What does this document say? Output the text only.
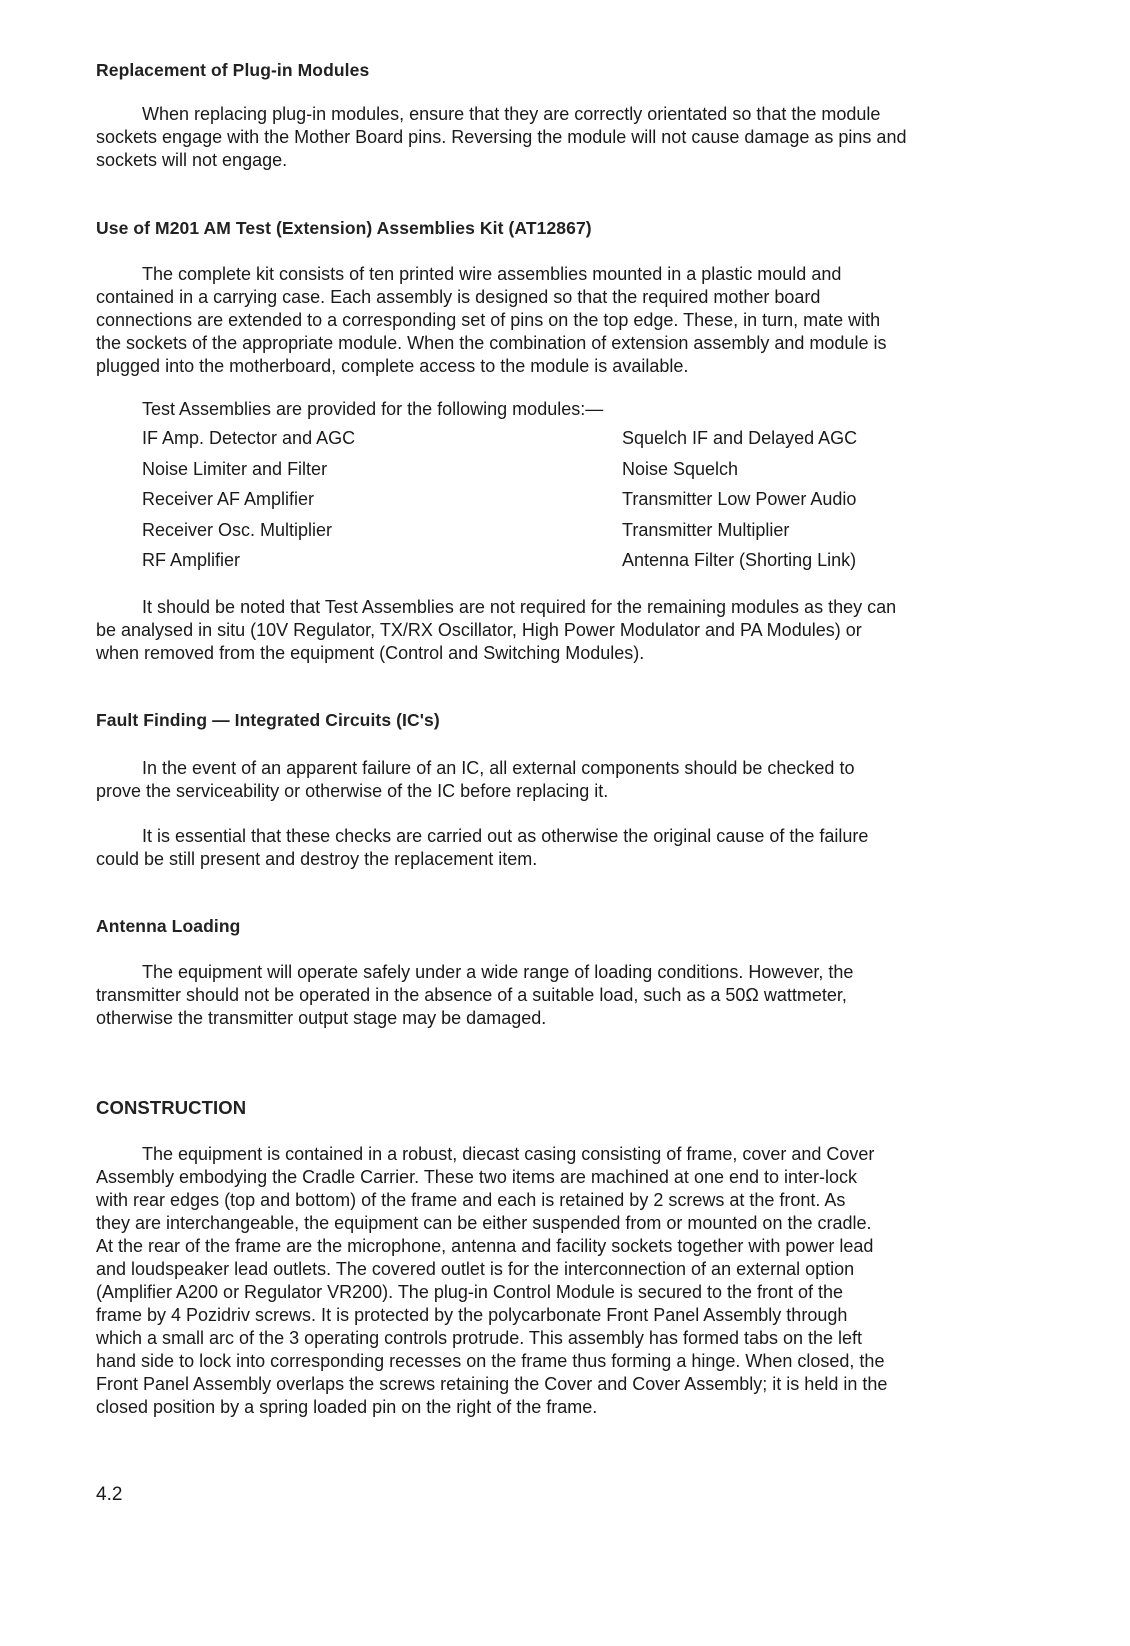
Replacement of Plug-in Modules
When replacing plug-in modules, ensure that they are correctly orientated so that the module
sockets engage with the Mother Board pins. Reversing the module will not cause damage as pins and
sockets will not engage.
Use of M201 AM Test (Extension) Assemblies Kit (AT12867)
The complete kit consists of ten printed wire assemblies mounted in a plastic mould and
contained in a carrying case. Each assembly is designed so that the required mother board
connections are extended to a corresponding set of pins on the top edge. These, in turn, mate with
the sockets of the appropriate module. When the combination of extension assembly and module is
plugged into the motherboard, complete access to the module is available.
Test Assemblies are provided for the following modules:—
IF Amp. Detector and AGC	Squelch IF and Delayed AGC
Noise Limiter and Filter	Noise Squelch
Receiver AF Amplifier	Transmitter Low Power Audio
Receiver Osc. Multiplier	Transmitter Multiplier
RF Amplifier	Antenna Filter (Shorting Link)
It should be noted that Test Assemblies are not required for the remaining modules as they can
be analysed in situ (10V Regulator, TX/RX Oscillator, High Power Modulator and PA Modules) or
when removed from the equipment (Control and Switching Modules).
Fault Finding — Integrated Circuits (IC's)
In the event of an apparent failure of an IC, all external components should be checked to
prove the serviceability or otherwise of the IC before replacing it.
It is essential that these checks are carried out as otherwise the original cause of the failure
could be still present and destroy the replacement item.
Antenna Loading
The equipment will operate safely under a wide range of loading conditions. However, the
transmitter should not be operated in the absence of a suitable load, such as a 50Ω wattmeter,
otherwise the transmitter output stage may be damaged.
CONSTRUCTION
The equipment is contained in a robust, diecast casing consisting of frame, cover and Cover
Assembly embodying the Cradle Carrier. These two items are machined at one end to inter-lock
with rear edges (top and bottom) of the frame and each is retained by 2 screws at the front. As
they are interchangeable, the equipment can be either suspended from or mounted on the cradle.
At the rear of the frame are the microphone, antenna and facility sockets together with power lead
and loudspeaker lead outlets. The covered outlet is for the interconnection of an external option
(Amplifier A200 or Regulator VR200). The plug-in Control Module is secured to the front of the
frame by 4 Pozidriv screws. It is protected by the polycarbonate Front Panel Assembly through
which a small arc of the 3 operating controls protrude. This assembly has formed tabs on the left
hand side to lock into corresponding recesses on the frame thus forming a hinge. When closed, the
Front Panel Assembly overlaps the screws retaining the Cover and Cover Assembly; it is held in the
closed position by a spring loaded pin on the right of the frame.
4.2
